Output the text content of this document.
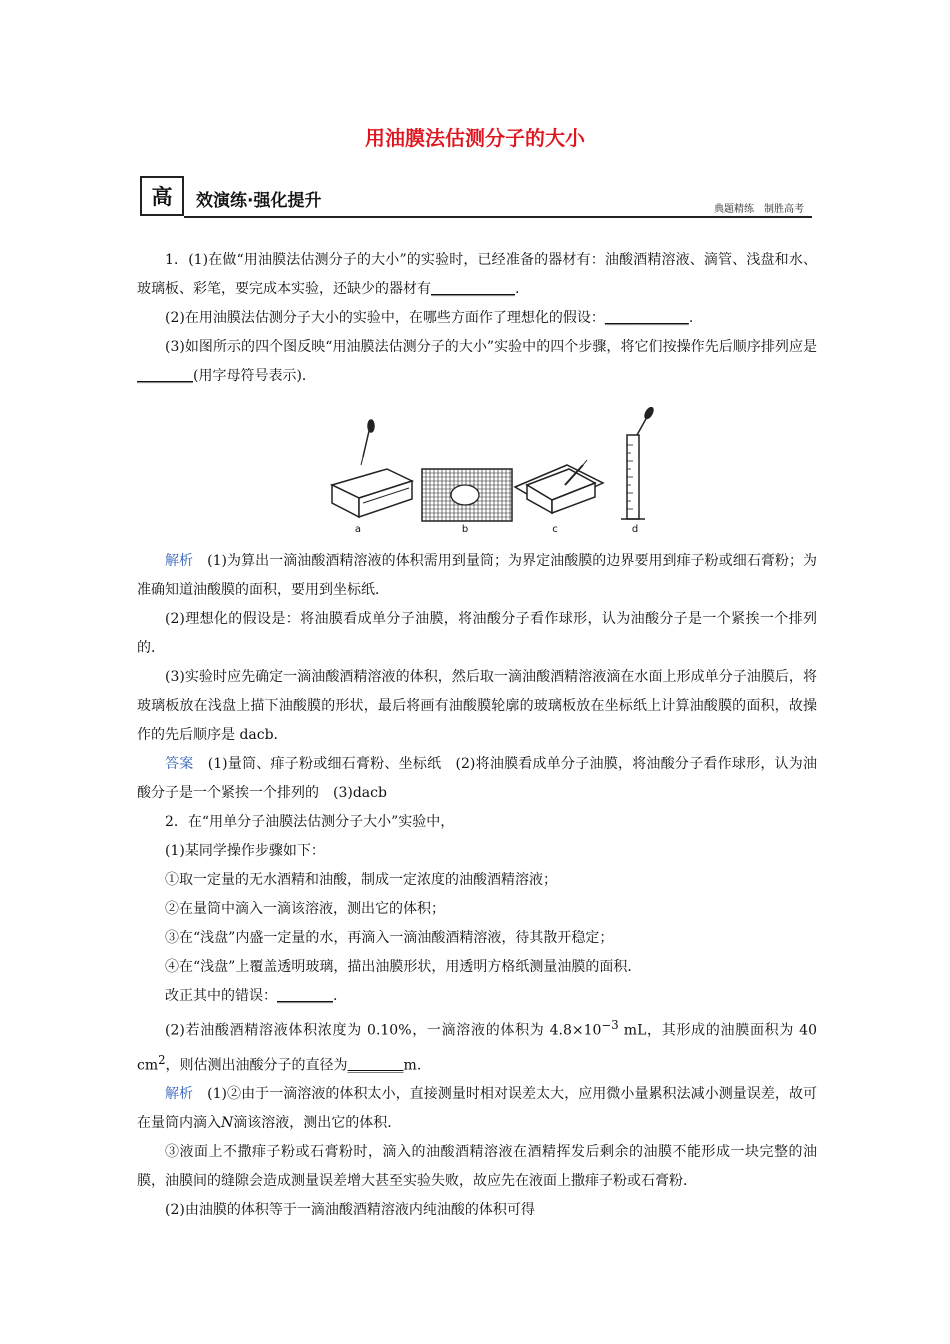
用油膜法估测分子的大小
高	效演练·强化提升	典题精练　制胜高考

1．(1)在做“用油膜法估测分子的大小”的实验时，已经准备的器材有：油酸酒精溶液、滴管、浅盘和水、玻璃板、彩笔，要完成本实验，还缺少的器材有____________.

(2)在用油膜法估测分子大小的实验中，在哪些方面作了理想化的假设：____________.

(3)如图所示的四个图反映“用油膜法估测分子的大小”实验中的四个步骤，将它们按操作先后顺序排列应是________(用字母符号表示)．

a	b	c	d

解析　 (1)为算出一滴油酸酒精溶液的体积需用到量筒；为界定油酸膜的边界要用到痱子粉或细石膏粉；为准确知道油酸膜的面积，要用到坐标纸．

(2)理想化的假设是：将油膜看成单分子油膜，将油酸分子看作球形，认为油酸分子是一个紧挨一个排列的．

(3)实验时应先确定一滴油酸酒精溶液的体积，然后取一滴油酸酒精溶液滴在水面上形成单分子油膜后，将玻璃板放在浅盘上描下油酸膜的形状，最后将画有油酸膜轮廓的玻璃板放在坐标纸上计算油酸膜的面积，故操作的先后顺序是 dacb．

答案　 (1)量筒、痱子粉或细石膏粉、坐标纸　(2)将油膜看成单分子油膜，将油酸分子看作球形，认为油酸分子是一个紧挨一个排列的　(3)dacb

2．在“用单分子油膜法估测分子大小”实验中，

(1)某同学操作步骤如下：

①取一定量的无水酒精和油酸，制成一定浓度的油酸酒精溶液；

②在量筒中滴入一滴该溶液，测出它的体积；

③在“浅盘”内盛一定量的水，再滴入一滴油酸酒精溶液，待其散开稳定；

④在“浅盘”上覆盖透明玻璃，描出油膜形状，用透明方格纸测量油膜的面积．

改正其中的错误：________.

(2)若油酸酒精溶液体积浓度为 0.10%，一滴溶液的体积为 $4.8\times 10^{-3}$ mL，其形成的油膜面积为 40 $cm^2$，则估测出油酸分子的直径为________m.

解析　 (1)②由于一滴溶液的体积太小，直接测量时相对误差太大，应用微小量累积法减小测量误差，故可在量筒内滴入N滴该溶液，测出它的体积．

③液面上不撒痱子粉或石膏粉时，滴入的油酸酒精溶液在酒精挥发后剩余的油膜不能形成一块完整的油膜，油膜间的缝隙会造成测量误差增大甚至实验失败，故应先在液面上撒痱子粉或石膏粉．

(2)由油膜的体积等于一滴油酸酒精溶液内纯油酸的体积可得
